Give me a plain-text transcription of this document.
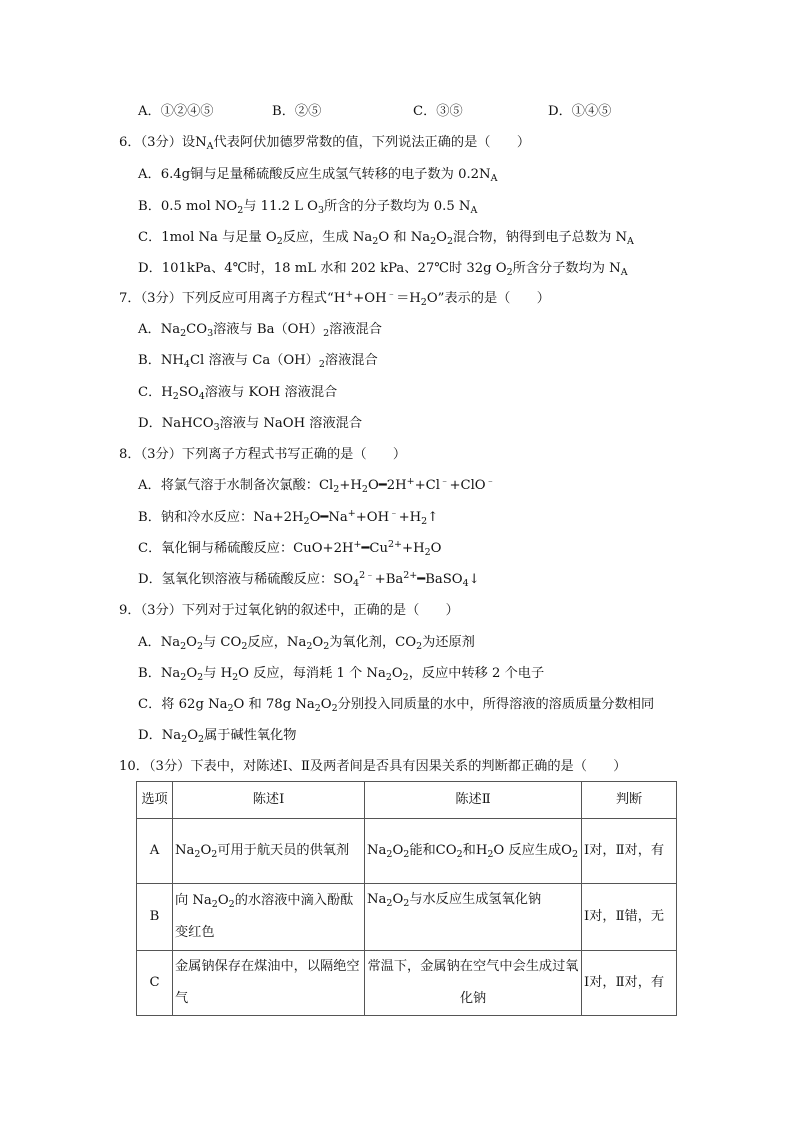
A．①②④⑤	B．②⑤	C．③⑤	D．①④⑤
6．（3分）设$N_A$代表阿伏加德罗常数的值，下列说法正确的是（　　）
A．6.4g铜与足量稀硫酸反应生成氢气转移的电子数为 $0.2N_A$
B．0.5 mol $NO_2$与 11.2 L $O_3$所含的分子数均为 0.5 $N_A$
C．1mol Na 与足量 $O_2$反应，生成 $Na_2O$ 和 $Na_2O_2$混合物，钠得到电子总数为 $N_A$
D．101kPa、4℃时，18 mL 水和 202 kPa、27℃时 32g $O_2$所含分子数均为 $N_A$
7．（3分）下列反应可用离子方程式“$H^++OH^﹣=H_2O$”表示的是（　　）
A．$Na_2CO_3$溶液与 $Ba(OH)_2$溶液混合
B．$NH_4Cl$ 溶液与 $Ca(OH)_2$溶液混合
C．$H_2SO_4$溶液与 KOH 溶液混合
D．NaHCO$_3$溶液与 NaOH 溶液混合
8．（3分）下列离子方程式书写正确的是（　　）
A．将氯气溶于水制备次氯酸：$Cl_2+H_2O━2H^++Cl^﹣+ClO^﹣$
B．钠和冷水反应：$Na+2H_2O━Na^++OH^﹣+H_2↑$
C．氧化铜与稀硫酸反应：$CuO+2H^+━Cu^{2+}+H_2O$
D．氢氧化钡溶液与稀硫酸反应：$SO_4^{2﹣}+Ba^{2+}━BaSO_4↓$
9．（3分）下列对于过氧化钠的叙述中，正确的是（　　）
A．$Na_2O_2$与 $CO_2$反应，$Na_2O_2$为氧化剂，$CO_2$为还原剂
B．$Na_2O_2$与 $H_2O$ 反应，每消耗 1 个 $Na_2O_2$，反应中转移 2 个电子
C．将 62g $Na_2O$ 和 78g $Na_2O_2$分别投入同质量的水中，所得溶液的溶质质量分数相同
D．$Na_2O_2$属于碱性氧化物
10．（3分）下表中，对陈述Ⅰ、Ⅱ及两者间是否具有因果关系的判断都正确的是（　　）
选项	陈述Ⅰ	陈述Ⅱ	判断
A	$Na_2O_2$可用于航天员的供氧剂	$Na_2O_2$能和$CO_2$和$H_2O$ 反应生成$O_2$	Ⅰ对，Ⅱ对，有
B	向 $Na_2O_2$的水溶液中滴入酚酞变红色	$Na_2O_2$与水反应生成氢氧化钠	Ⅰ对，Ⅱ错，无
C	金属钠保存在煤油中，以隔绝空气	常温下，金属钠在空气中会生成过氧化钠	Ⅰ对，Ⅱ对，有
